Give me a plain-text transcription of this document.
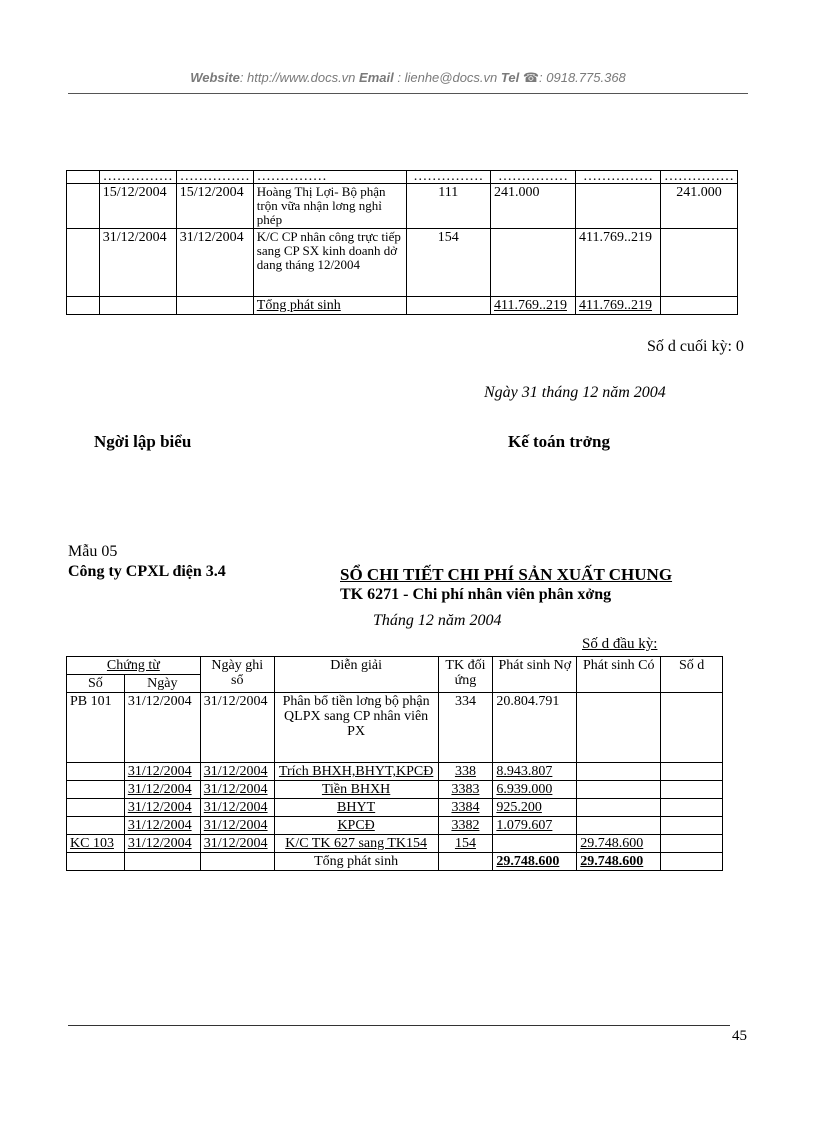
Website: http://www.docs.vn Email : lienhe@docs.vn Tel ☎: 0918.775.368
	……………	……………	……………	……………	……………	……………	……………
	15/12/2004	15/12/2004	Hoàng Thị Lợi- Bộ phận trộn vữa nhận lơng nghỉ phép	111	241.000		241.000
	31/12/2004	31/12/2004	K/C CP nhân công trực tiếp sang CP SX kinh doanh dở dang tháng 12/2004	154		411.769..219	
			Tổng phát sinh		411.769..219	411.769..219	
Số d cuối kỳ: 0
Ngày 31 tháng 12 năm 2004
Ngời lập biểu	Kế toán trởng
Mẫu 05
Công ty CPXL điện 3.4	SỔ CHI TIẾT CHI PHÍ SẢN XUẤT CHUNG
TK 6271 - Chi phí nhân viên phân xởng
Tháng 12 năm 2004
Số d đầu kỳ:
Chứng từ		Ngày ghi sổ	Diễn giải	TK đối ứng	Phát sinh Nợ	Phát sinh Có	Số d
Số	Ngày						
PB 101	31/12/2004	31/12/2004	Phân bổ tiền lơng bộ phận QLPX sang CP nhân viên PX	334	20.804.791		
	31/12/2004	31/12/2004	Trích BHXH,BHYT,KPCĐ	338	8.943.807		
	31/12/2004	31/12/2004	Tiền BHXH	3383	6.939.000		
	31/12/2004	31/12/2004	BHYT	3384	925.200		
	31/12/2004	31/12/2004	KPCĐ	3382	1.079.607		
KC 103	31/12/2004	31/12/2004	K/C TK 627 sang TK154	154		29.748.600	
			Tổng phát sinh		29.748.600	29.748.600	
45
